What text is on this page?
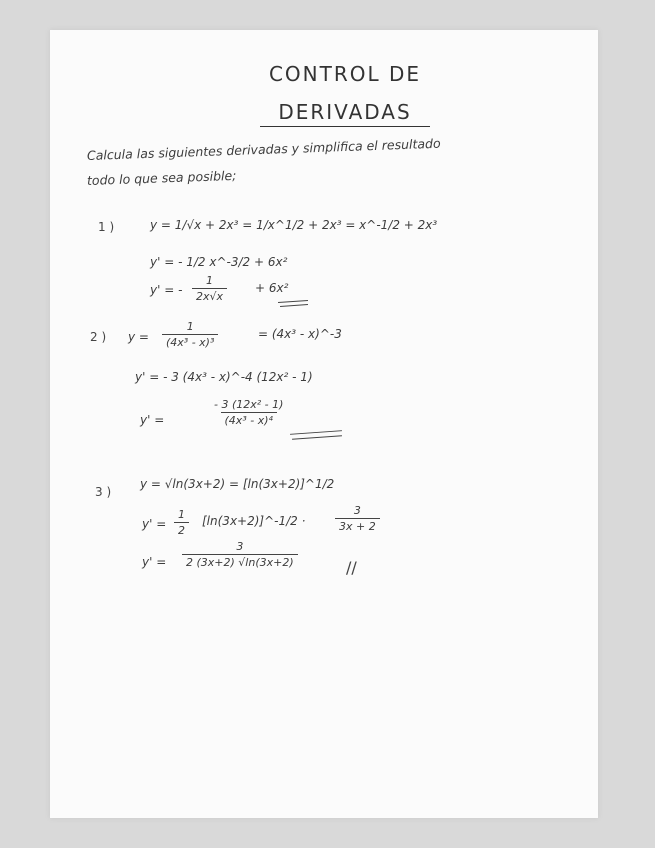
CONTROL DE
DERIVADAS
Calcula las siguientes derivadas y simplifica el resultado
todo lo que sea posible;
1 )	y = 1/√x + 2x³ = 1/x^1/2 + 2x³ = x^-1/2 + 2x³
y' = - 1/2 x^-3/2 + 6x²
y' = - $\frac{1}{2x√x} + 6x^2$
2 ) $y = \frac{1}{\text{(4x³ - x)³}}$	= (4x³ - x)^-3
y' = - 3 (4x³ - x)^-4 (12x² - 1)
y' =	$\frac{\text{- 3 (12x² - 1)}}{\text{(4x³ - x)⁴}}$
3 )
y = √ln(3x+2) = [ln(3x+2)]^1/2
$y' = \frac{1}{2}$ [ln(3x+2)]^-1/2 ·	$\frac{3}{3x + 2}$
$y' = \frac{3}{2 (3x+2) √\ln(3x+2)}$	//
